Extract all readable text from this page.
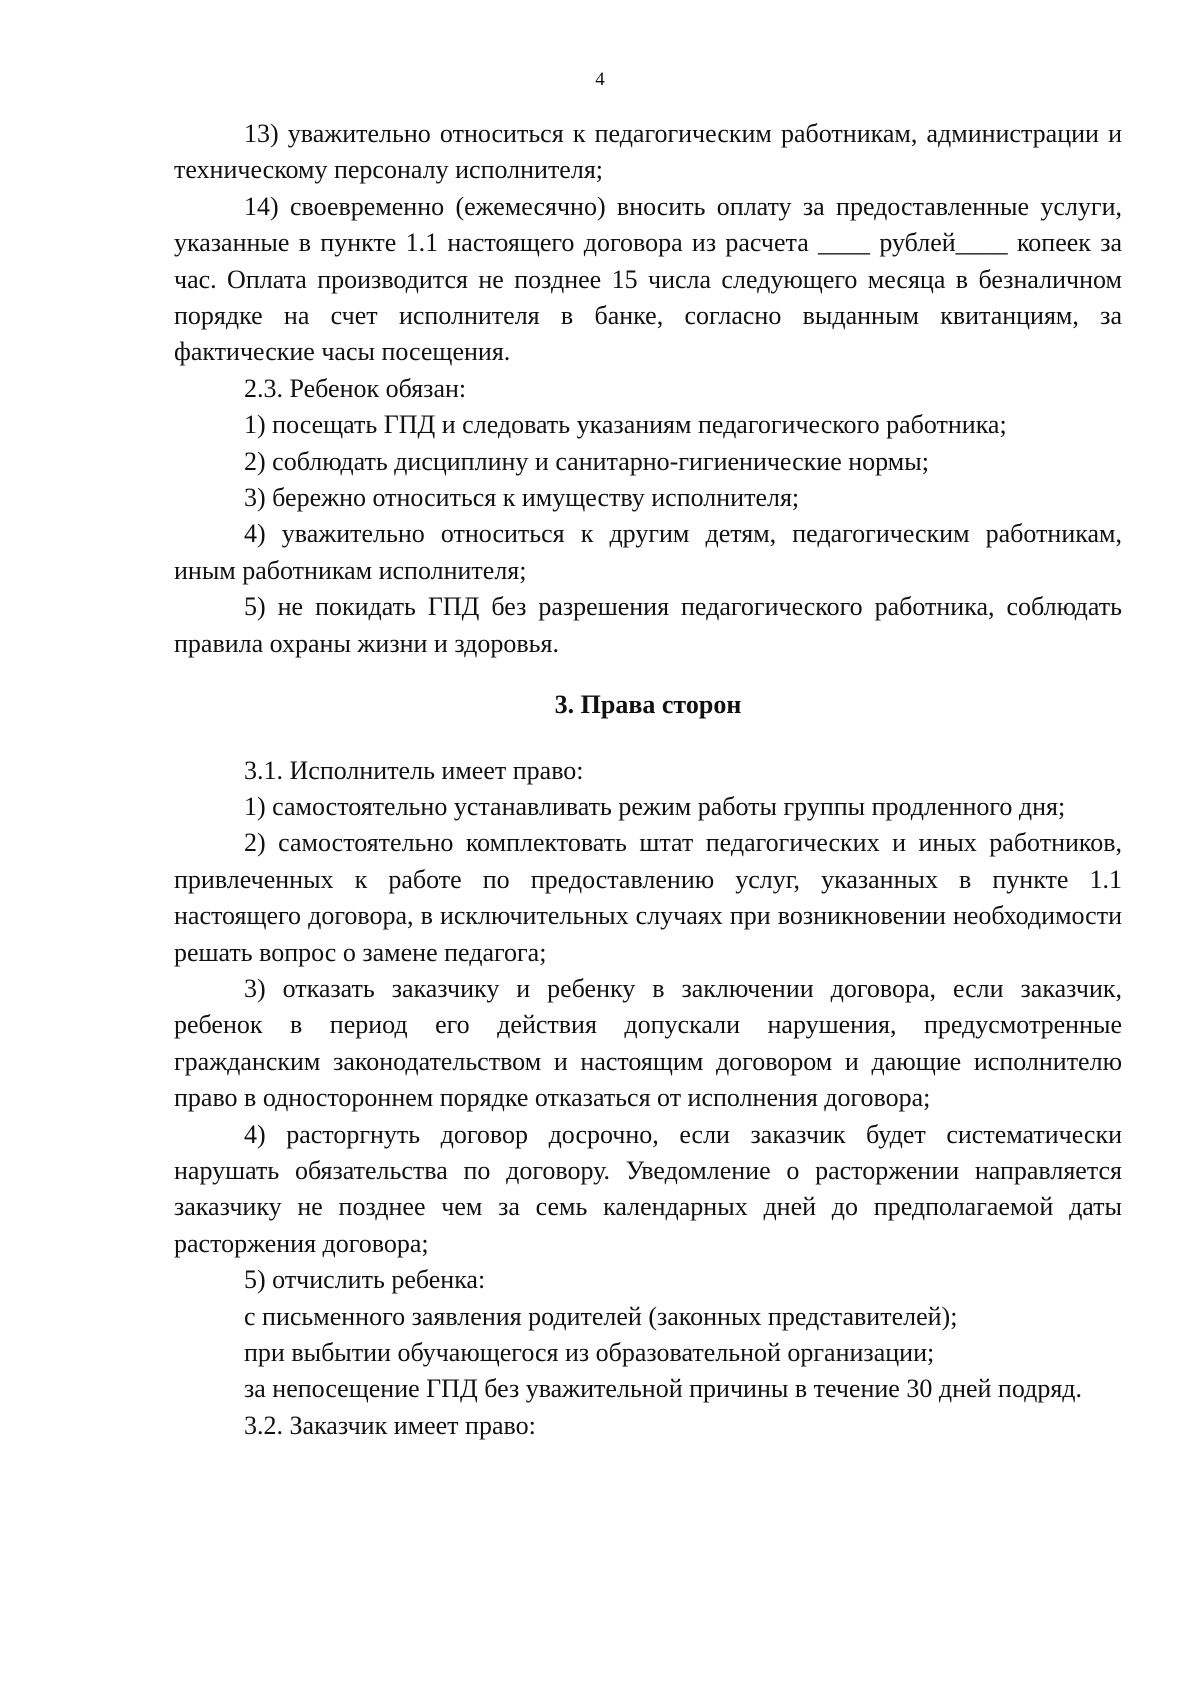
4

13) уважительно относиться к педагогическим работникам, администрации и техническому персоналу исполнителя;

14) своевременно (ежемесячно) вносить оплату за предоставленные услуги, указанные в пункте 1.1 настоящего договора из расчета ____ рублей____ копеек за час. Оплата производится не позднее 15 числа следующего месяца в безналичном порядке на счет исполнителя в банке, согласно выданным квитанциям, за фактические часы посещения.

2.3. Ребенок обязан:

1) посещать ГПД и следовать указаниям педагогического работника;

2) соблюдать дисциплину и санитарно-гигиенические нормы;

3) бережно относиться к имуществу исполнителя;

4) уважительно относиться к другим детям, педагогическим работникам, иным работникам исполнителя;

5) не покидать ГПД без разрешения педагогического работника, соблюдать правила охраны жизни и здоровья.

3. Права сторон

3.1. Исполнитель имеет право:

1) самостоятельно устанавливать режим работы группы продленного дня;

2) самостоятельно комплектовать штат педагогических и иных работников, привлеченных к работе по предоставлению услуг, указанных в пункте 1.1 настоящего договора, в исключительных случаях при возникновении необходимости решать вопрос о замене педагога;

3) отказать заказчику и ребенку в заключении договора, если заказчик, ребенок в период его действия допускали нарушения, предусмотренные гражданским законодательством и настоящим договором и дающие исполнителю право в одностороннем порядке отказаться от исполнения договора;

4) расторгнуть договор досрочно, если заказчик будет систематически нарушать обязательства по договору. Уведомление о расторжении направляется заказчику не позднее чем за семь календарных дней до предполагаемой даты расторжения договора;

5) отчислить ребенка:

с письменного заявления родителей (законных представителей);

при выбытии обучающегося из образовательной организации;

за непосещение ГПД без уважительной причины в течение 30 дней подряд.

3.2. Заказчик имеет право:
